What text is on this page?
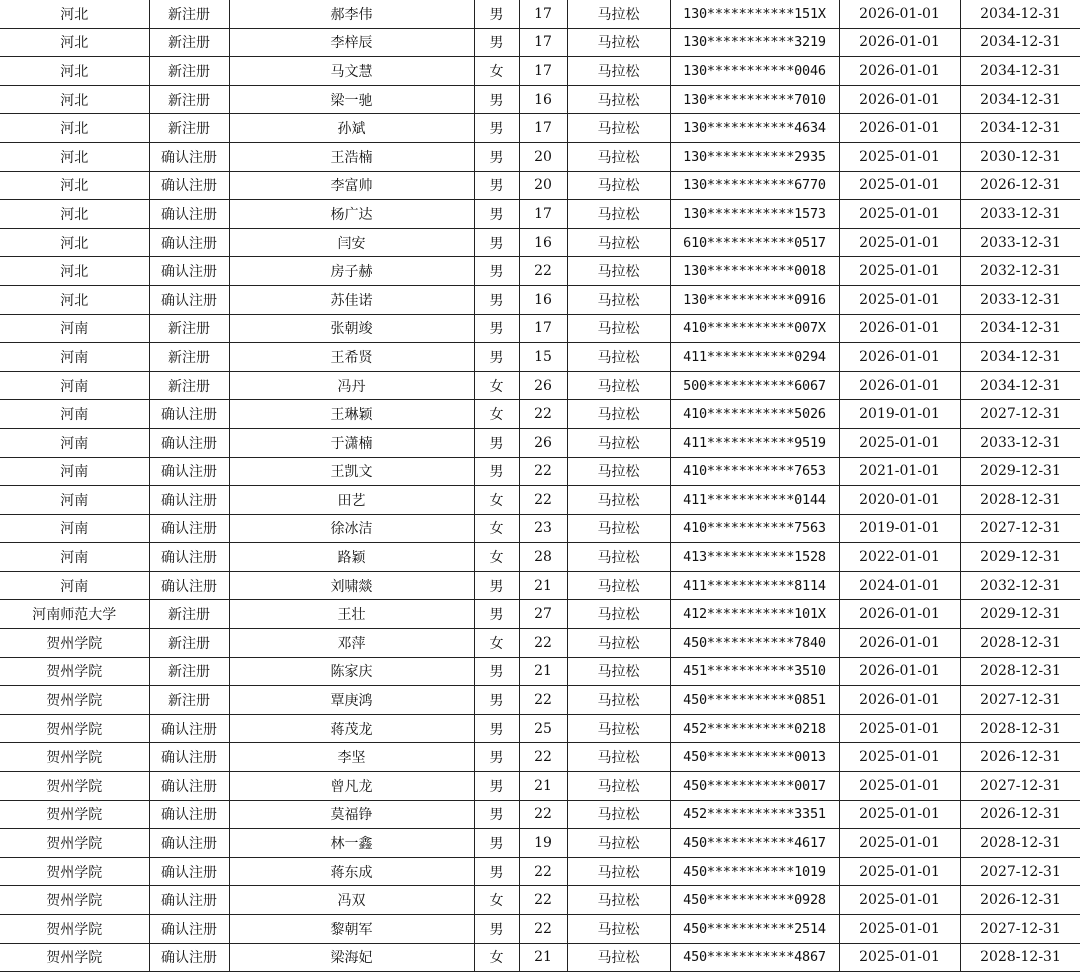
河北	新注册	郝李伟	男	17	马拉松	130***********151X	2026-01-01	2034-12-31
河北	新注册	李梓辰	男	17	马拉松	130***********3219	2026-01-01	2034-12-31
河北	新注册	马文慧	女	17	马拉松	130***********0046	2026-01-01	2034-12-31
河北	新注册	梁一驰	男	16	马拉松	130***********7010	2026-01-01	2034-12-31
河北	新注册	孙斌	男	17	马拉松	130***********4634	2026-01-01	2034-12-31
河北	确认注册	王浩楠	男	20	马拉松	130***********2935	2025-01-01	2030-12-31
河北	确认注册	李富帅	男	20	马拉松	130***********6770	2025-01-01	2026-12-31
河北	确认注册	杨广达	男	17	马拉松	130***********1573	2025-01-01	2033-12-31
河北	确认注册	闫安	男	16	马拉松	610***********0517	2025-01-01	2033-12-31
河北	确认注册	房子赫	男	22	马拉松	130***********0018	2025-01-01	2032-12-31
河北	确认注册	苏佳诺	男	16	马拉松	130***********0916	2025-01-01	2033-12-31
河南	新注册	张朝竣	男	17	马拉松	410***********007X	2026-01-01	2034-12-31
河南	新注册	王希贤	男	15	马拉松	411***********0294	2026-01-01	2034-12-31
河南	新注册	冯丹	女	26	马拉松	500***********6067	2026-01-01	2034-12-31
河南	确认注册	王琳颖	女	22	马拉松	410***********5026	2019-01-01	2027-12-31
河南	确认注册	于潇楠	男	26	马拉松	411***********9519	2025-01-01	2033-12-31
河南	确认注册	王凯文	男	22	马拉松	410***********7653	2021-01-01	2029-12-31
河南	确认注册	田艺	女	22	马拉松	411***********0144	2020-01-01	2028-12-31
河南	确认注册	徐冰洁	女	23	马拉松	410***********7563	2019-01-01	2027-12-31
河南	确认注册	路颖	女	28	马拉松	413***********1528	2022-01-01	2029-12-31
河南	确认注册	刘啸燚	男	21	马拉松	411***********8114	2024-01-01	2032-12-31
河南师范大学	新注册	王壮	男	27	马拉松	412***********101X	2026-01-01	2029-12-31
贺州学院	新注册	邓萍	女	22	马拉松	450***********7840	2026-01-01	2028-12-31
贺州学院	新注册	陈家庆	男	21	马拉松	451***********3510	2026-01-01	2028-12-31
贺州学院	新注册	覃庚鸿	男	22	马拉松	450***********0851	2026-01-01	2027-12-31
贺州学院	确认注册	蒋茂龙	男	25	马拉松	452***********0218	2025-01-01	2028-12-31
贺州学院	确认注册	李坚	男	22	马拉松	450***********0013	2025-01-01	2026-12-31
贺州学院	确认注册	曾凡龙	男	21	马拉松	450***********0017	2025-01-01	2027-12-31
贺州学院	确认注册	莫福铮	男	22	马拉松	452***********3351	2025-01-01	2026-12-31
贺州学院	确认注册	林一鑫	男	19	马拉松	450***********4617	2025-01-01	2028-12-31
贺州学院	确认注册	蒋东成	男	22	马拉松	450***********1019	2025-01-01	2027-12-31
贺州学院	确认注册	冯双	女	22	马拉松	450***********0928	2025-01-01	2026-12-31
贺州学院	确认注册	黎朝军	男	22	马拉松	450***********2514	2025-01-01	2027-12-31
贺州学院	确认注册	梁海妃	女	21	马拉松	450***********4867	2025-01-01	2028-12-31
